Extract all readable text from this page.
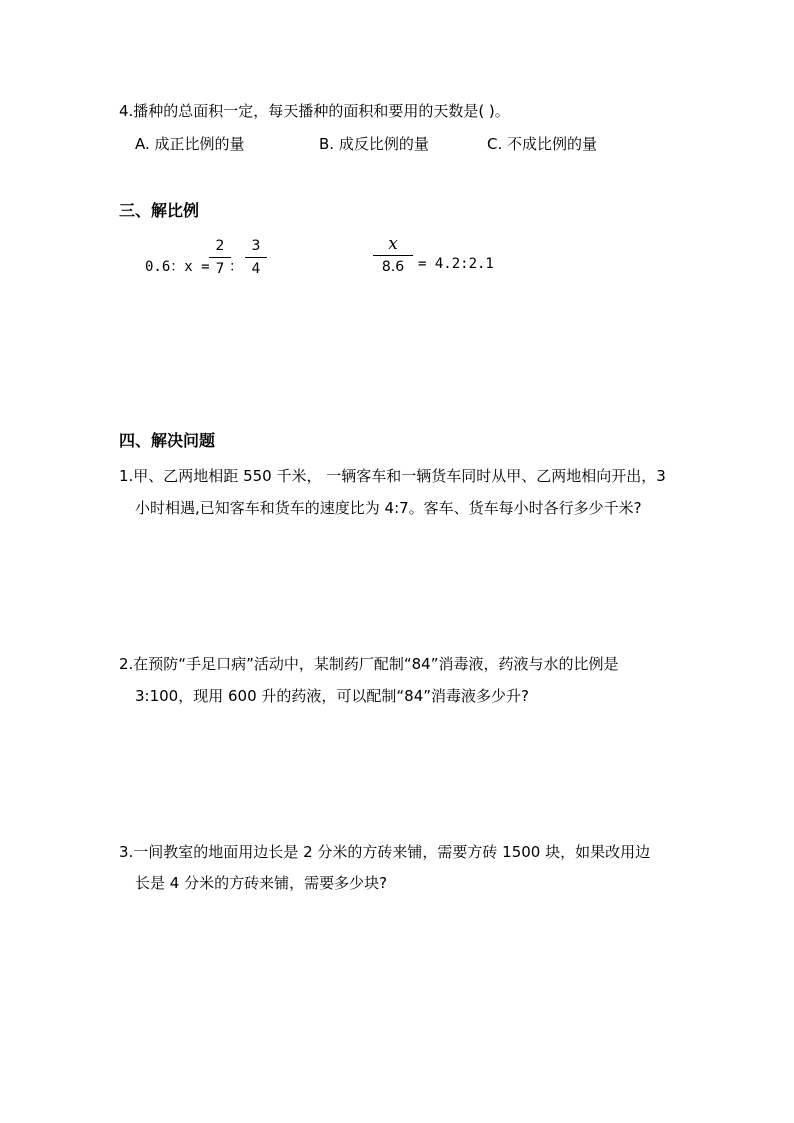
4.播种的总面积一定，每天播种的面积和要用的天数是( )。
A. 成正比例的量	B. 成反比例的量	C. 不成比例的量
三、解比例
0.6：x =
2
7 ：
3
4
x
8.6 = 4.2:2.1
四、解决问题
1.甲、乙两地相距 550 千米， 一辆客车和一辆货车同时从甲、乙两地相向开出，3
小时相遇,已知客车和货车的速度比为 4:7。客车、货车每小时各行多少千米?
2.在预防“手足口病”活动中，某制药厂配制“84”消毒液，药液与水的比例是
3:100，现用 600 升的药液，可以配制“84”消毒液多少升?
3.一间教室的地面用边长是 2 分米的方砖来铺，需要方砖 1500 块，如果改用边
长是 4 分米的方砖来铺，需要多少块?
